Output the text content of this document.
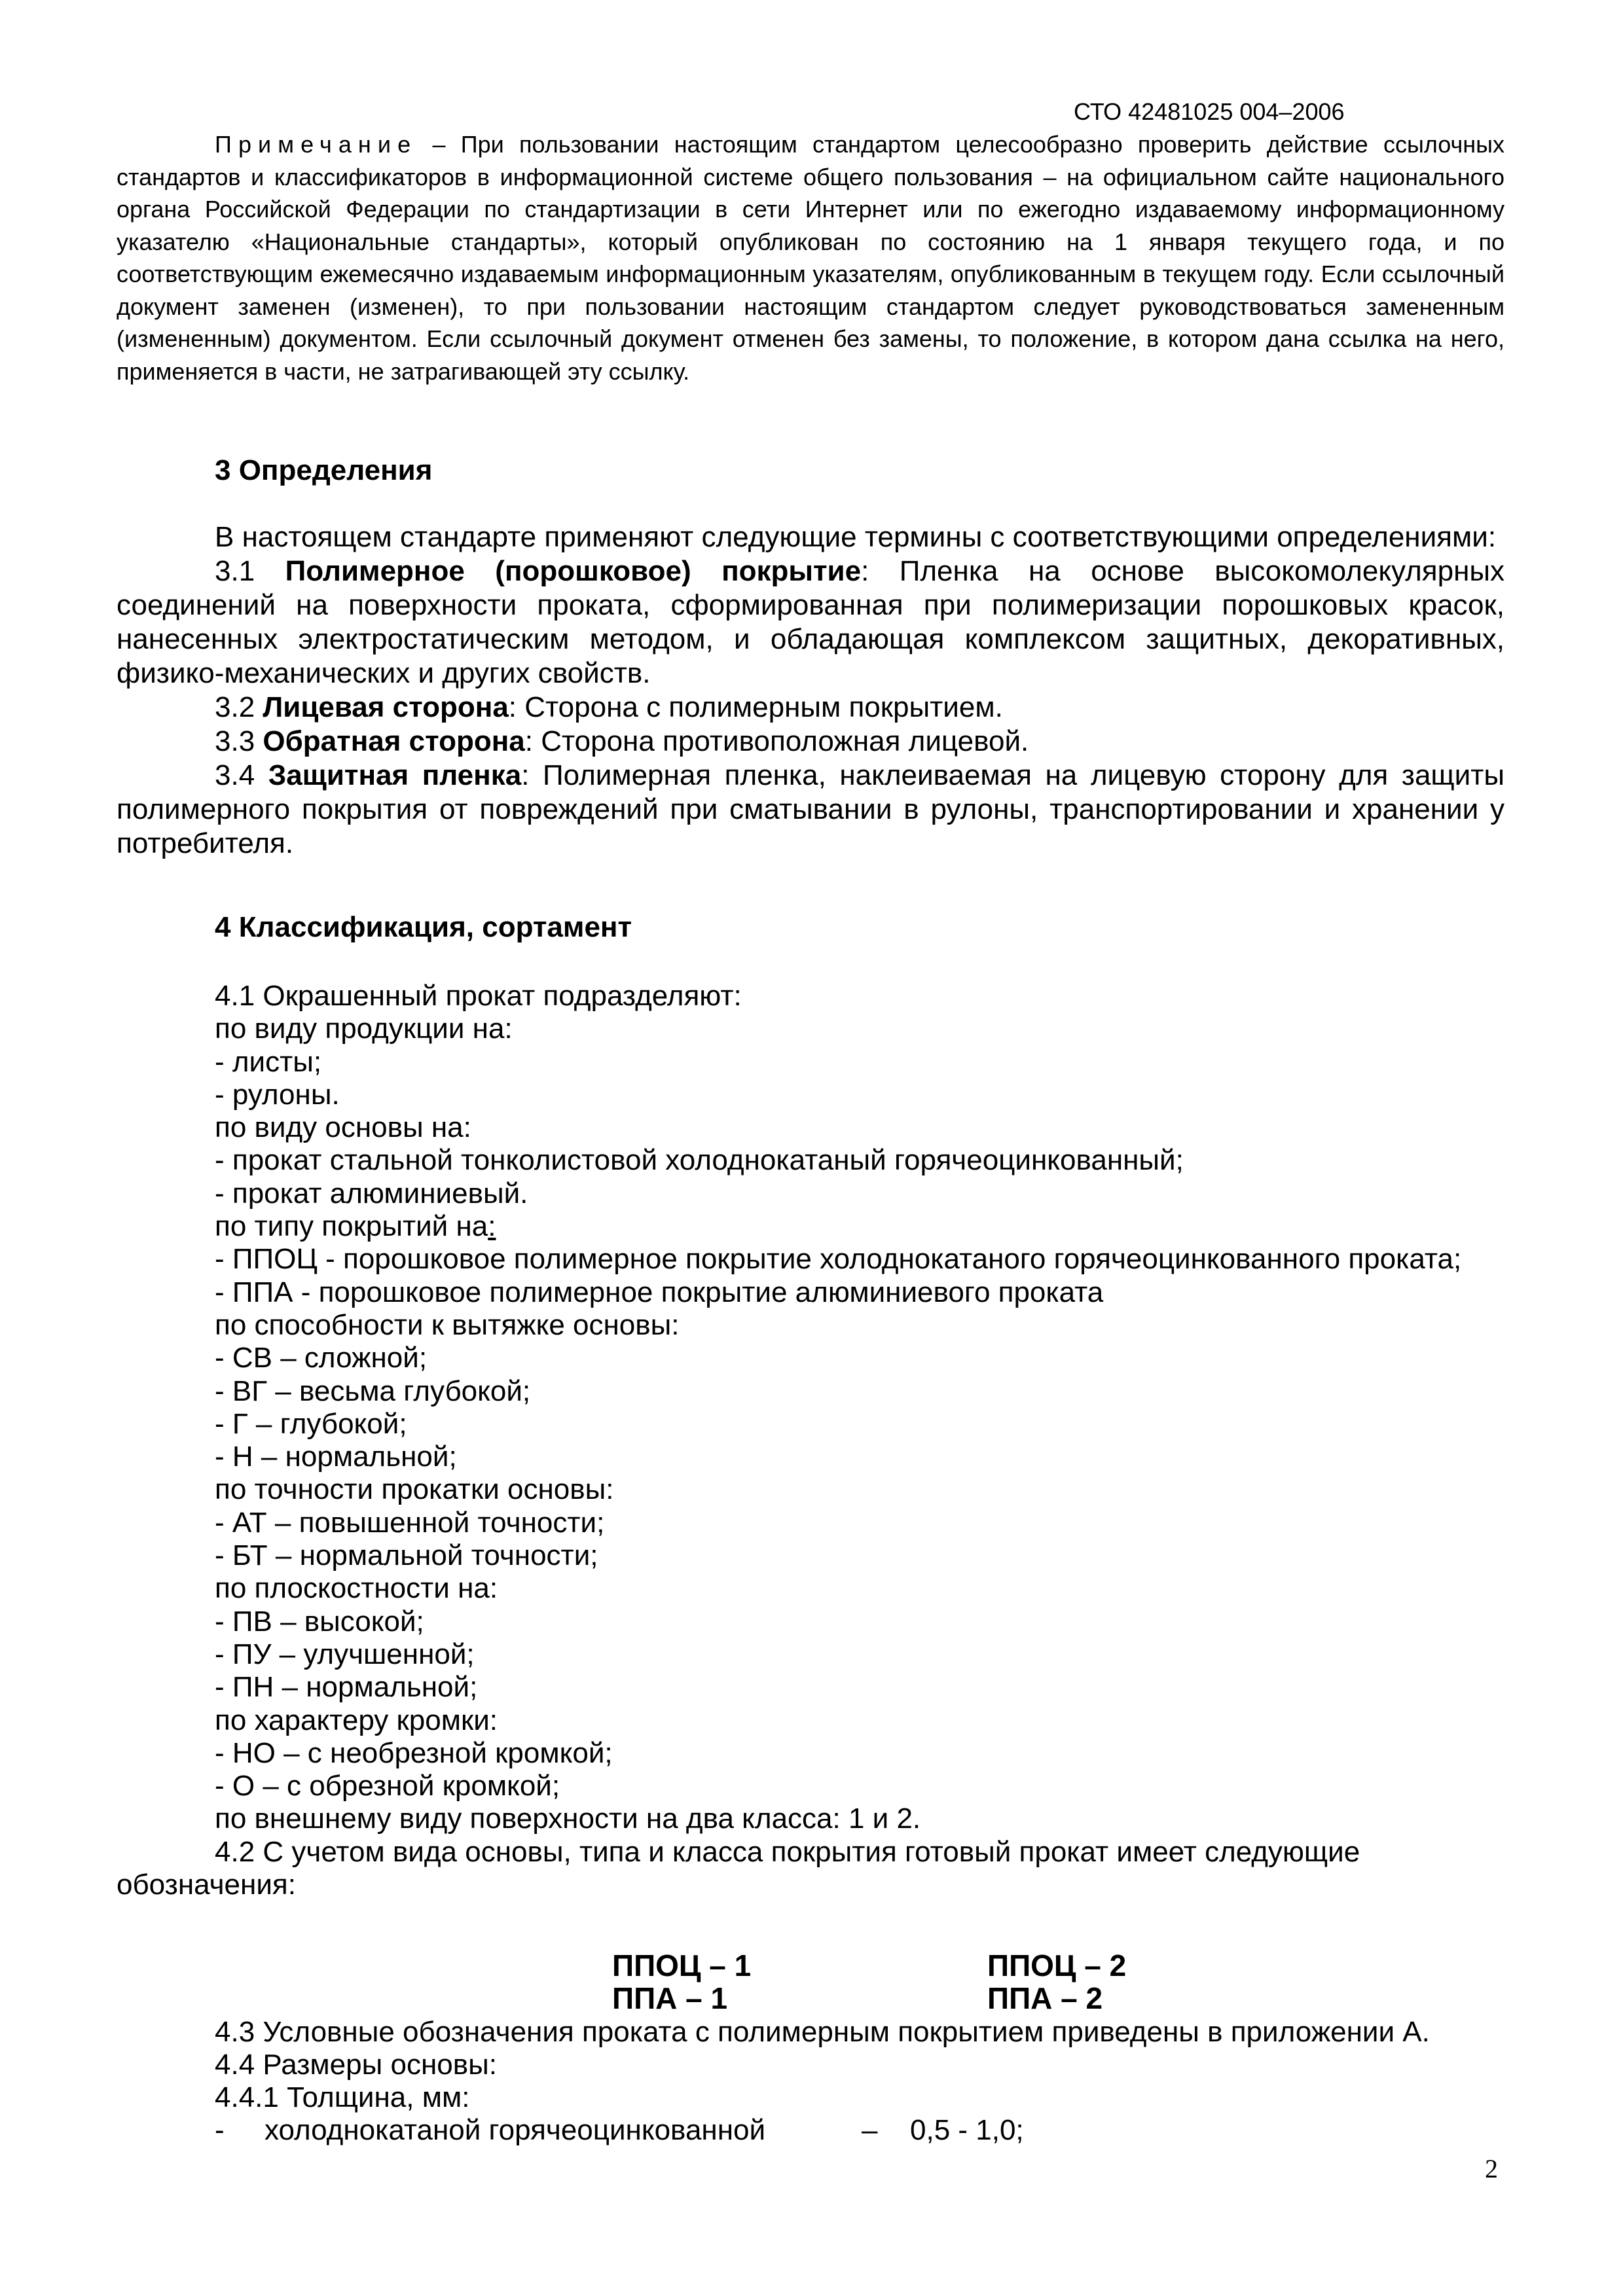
СТО 42481025 004–2006
Примечание – При пользовании настоящим стандартом целесообразно проверить действие ссылочных стандартов и классификаторов в информационной системе общего пользования – на официальном сайте национального органа Российской Федерации по стандартизации в сети Интернет или по ежегодно издаваемому информационному указателю «Национальные стандарты», который опубликован по состоянию на 1 января текущего года, и по соответствующим ежемесячно издаваемым информационным указателям, опубликованным в текущем году. Если ссылочный документ заменен (изменен), то при пользовании настоящим стандартом следует руководствоваться замененным (измененным) документом. Если ссылочный документ отменен без замены, то положение, в котором дана ссылка на него, применяется в части, не затрагивающей эту ссылку.
3 Определения

В настоящем стандарте применяют следующие термины с соответствующими определениями:

3.1 Полимерное (порошковое) покрытие: Пленка на основе высокомолекулярных соединений на поверхности проката, сформированная при полимеризации порошковых красок, нанесенных электростатическим методом, и обладающая комплексом защитных, декоративных, физико-механических и других свойств.

3.2 Лицевая сторона: Сторона с полимерным покрытием.

3.3 Обратная сторона: Сторона противоположная лицевой.

3.4 Защитная пленка: Полимерная пленка, наклеиваемая на лицевую сторону для защиты полимерного покрытия от повреждений при сматывании в рулоны, транспортировании и хранении у потребителя.

4 Классификация, сортамент

4.1 Окрашенный прокат подразделяют:

по виду продукции на:

- листы;

- рулоны.

по виду основы на:

- прокат стальной тонколистовой холоднокатаный горячеоцинкованный;

- прокат алюминиевый.

по типу покрытий на:

- ППОЦ - порошковое полимерное покрытие холоднокатаного горячеоцинкованного проката;

- ППА - порошковое полимерное покрытие алюминиевого проката

по способности к вытяжке основы:

- СВ – сложной;

- ВГ – весьма глубокой;

- Г – глубокой;

- Н – нормальной;

по точности прокатки основы:

- АТ – повышенной точности;

- БТ – нормальной точности;

по плоскостности на:

- ПВ – высокой;

- ПУ – улучшенной;

- ПН – нормальной;

по характеру кромки:

- НО – с необрезной кромкой;

- О – с обрезной кромкой;

по внешнему виду поверхности на два класса: 1 и 2.

4.2 С учетом вида основы, типа и класса покрытия готовый прокат имеет следующие обозначения:

ППОЦ – 1	ППОЦ – 2
ППА – 1	ППА – 2

4.3 Условные обозначения проката с полимерным покрытием приведены в приложении А.

4.4 Размеры основы:

4.4.1 Толщина, мм:

- холоднокатаной горячеоцинкованной	– 0,5 - 1,0;
2
